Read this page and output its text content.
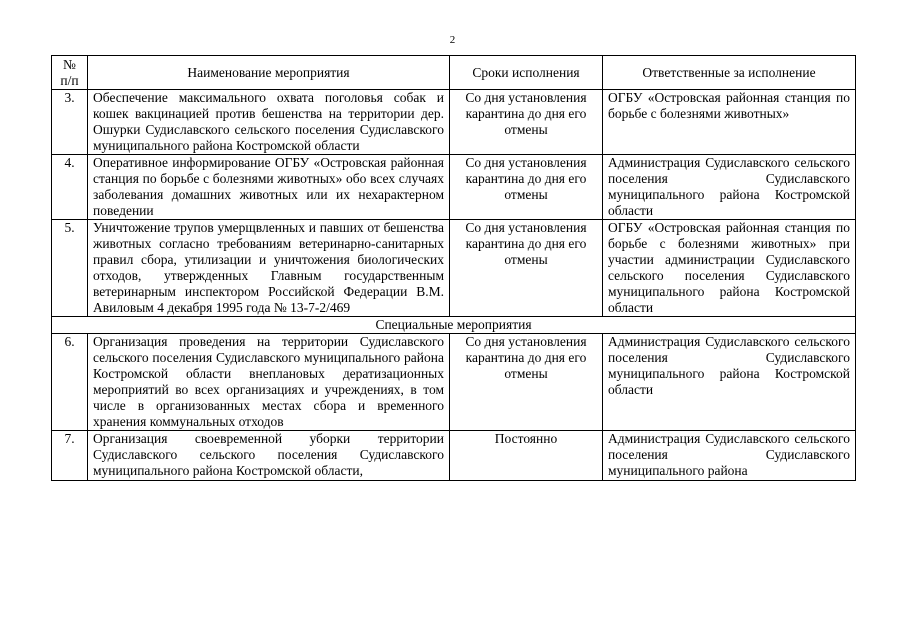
2
№
п/п	Наименование мероприятия	Сроки исполнения	Ответственные за исполнение
3.	Обеспечение максимального охвата поголовья собак и кошек вакцинацией против бешенства на территории дер. Ошурки Судиславского сельского поселения Судиславского муниципального района Костромской области	Со дня установления карантина до дня его отмены	ОГБУ «Островская районная станция по борьбе с болезнями животных»
4.	Оперативное информирование ОГБУ «Островская районная станция по борьбе с болезнями животных» обо всех случаях заболевания домашних животных или их нехарактерном поведении	Со дня установления карантина до дня его отмены	Администрация Судиславского сельского поселения Судиславского муниципального района Костромской области
5.	Уничтожение трупов умерщвленных и павших от бешенства животных согласно требованиям ветеринарно-санитарных правил сбора, утилизации и уничтожения биологических отходов, утвержденных Главным государственным ветеринарным инспектором Российской Федерации В.М. Авиловым 4 декабря 1995 года № 13-7-2/469	Со дня установления карантина до дня его отмены	ОГБУ «Островская районная станция по борьбе с болезнями животных» при участии администрации Судиславского сельского поселения Судиславского муниципального района Костромской области
Специальные мероприятия			
6.	Организация проведения на территории Судиславского сельского поселения Судиславского муниципального района Костромской области внеплановых дератизационных мероприятий во всех организациях и учреждениях, в том числе в организованных местах сбора и временного хранения коммунальных отходов	Со дня установления карантина до дня его отмены	Администрация Судиславского сельского поселения Судиславского муниципального района Костромской области

7.	Организация своевременной уборки территории Судиславского сельского поселения Судиславского муниципального района Костромской области,	Постоянно	Администрация Судиславского сельского поселения Судиславского муниципального района
